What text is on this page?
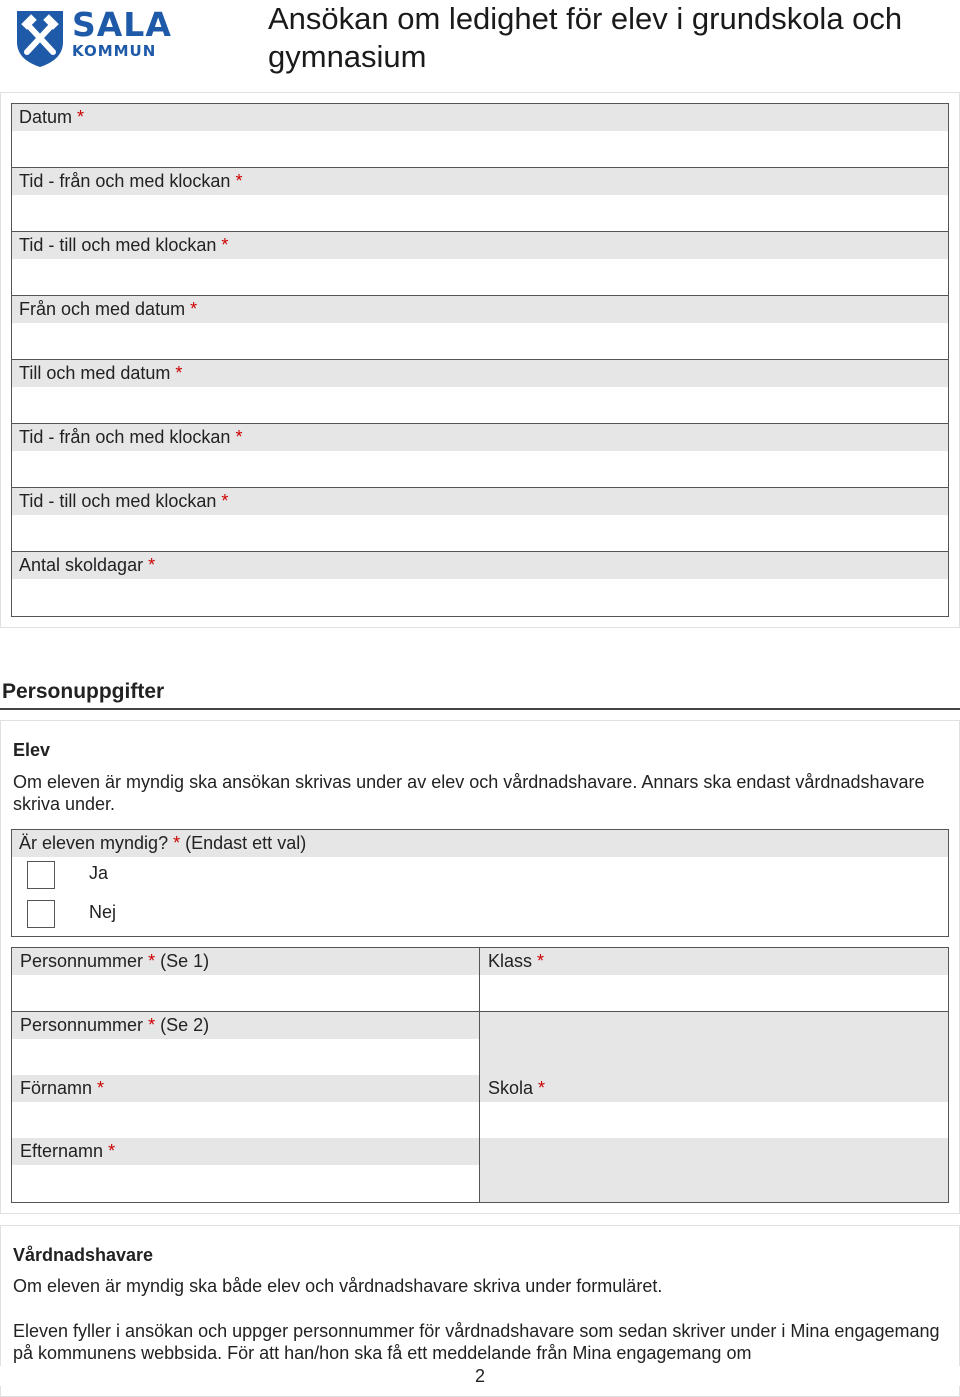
SALA
KOMMUN
Ansökan om ledighet för elev i grundskola och gymnasium
Datum *
Tid - från och med klockan *
Tid - till och med klockan *
Från och med datum *
Till och med datum *
Tid - från och med klockan *
Tid - till och med klockan *
Antal skoldagar *
Personuppgifter
Elev

Om eleven är myndig ska ansökan skrivas under av elev och vårdnadshavare. Annars ska endast vårdnadshavare skriva under.

Är eleven myndig? * (Endast ett val)
Ja
Nej
Personnummer * (Se 1)	Klass *
Personnummer * (Se 2)
Förnamn *	Skola *
Efternamn *
Vårdnadshavare

Om eleven är myndig ska både elev och vårdnadshavare skriva under formuläret.

Eleven fyller i ansökan och uppger personnummer för vårdnadshavare som sedan skriver under i Mina engagemang på kommunens webbsida. För att han/hon ska få ett meddelande från Mina engagemang om

2
